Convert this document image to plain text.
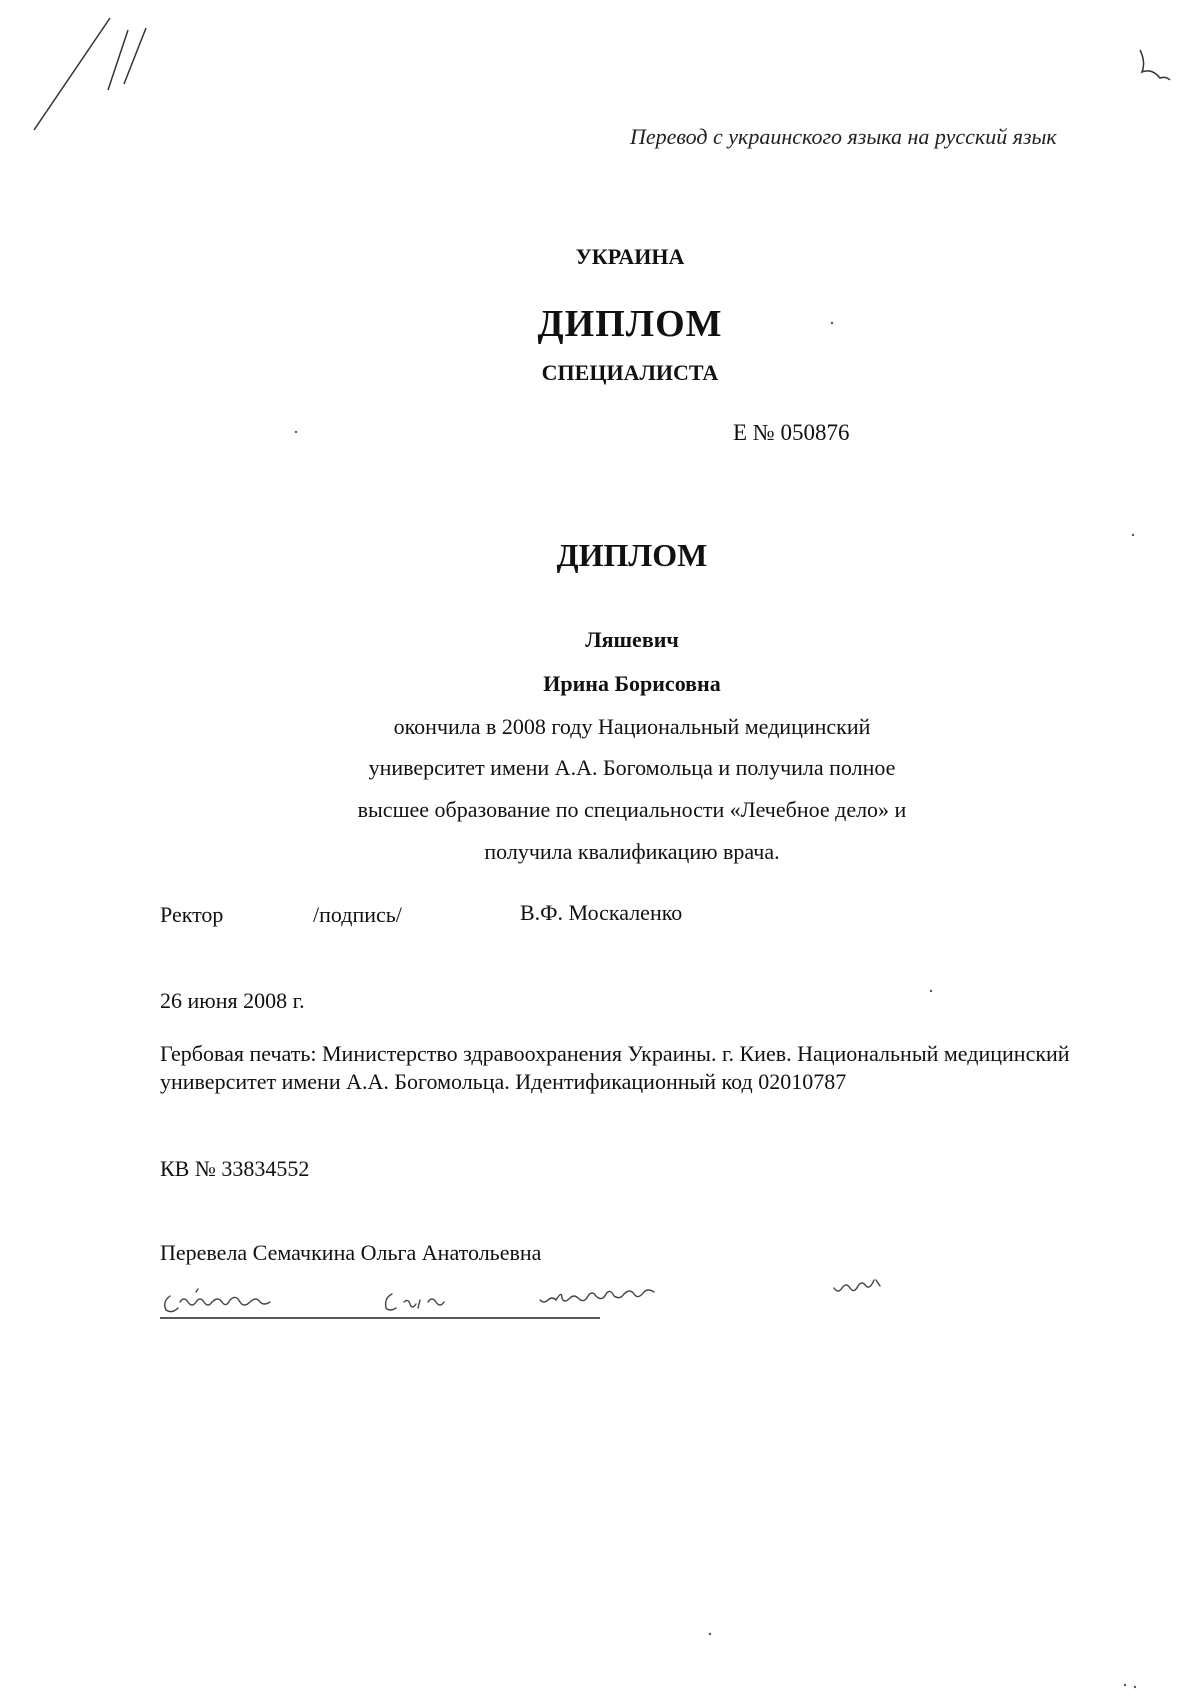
Перевод с украинского языка на русский язык

УКРАИНА

ДИПЛОМ

СПЕЦИАЛИСТА

Е № 050876

ДИПЛОМ

Ляшевич

Ирина Борисовна

окончила в 2008 году Национальный медицинский

университет имени А.А. Богомольца и получила полное

высшее образование по специальности «Лечебное дело» и

получила квалификацию врача.

Ректор	/подпись/	В.Ф. Москаленко

26 июня 2008 г.

Гербовая печать: Министерство здравоохранения Украины. г. Киев. Национальный медицинский университет имени А.А. Богомольца. Идентификационный код 02010787

КВ № 33834552

Перевела Семачкина Ольга Анатольевна
